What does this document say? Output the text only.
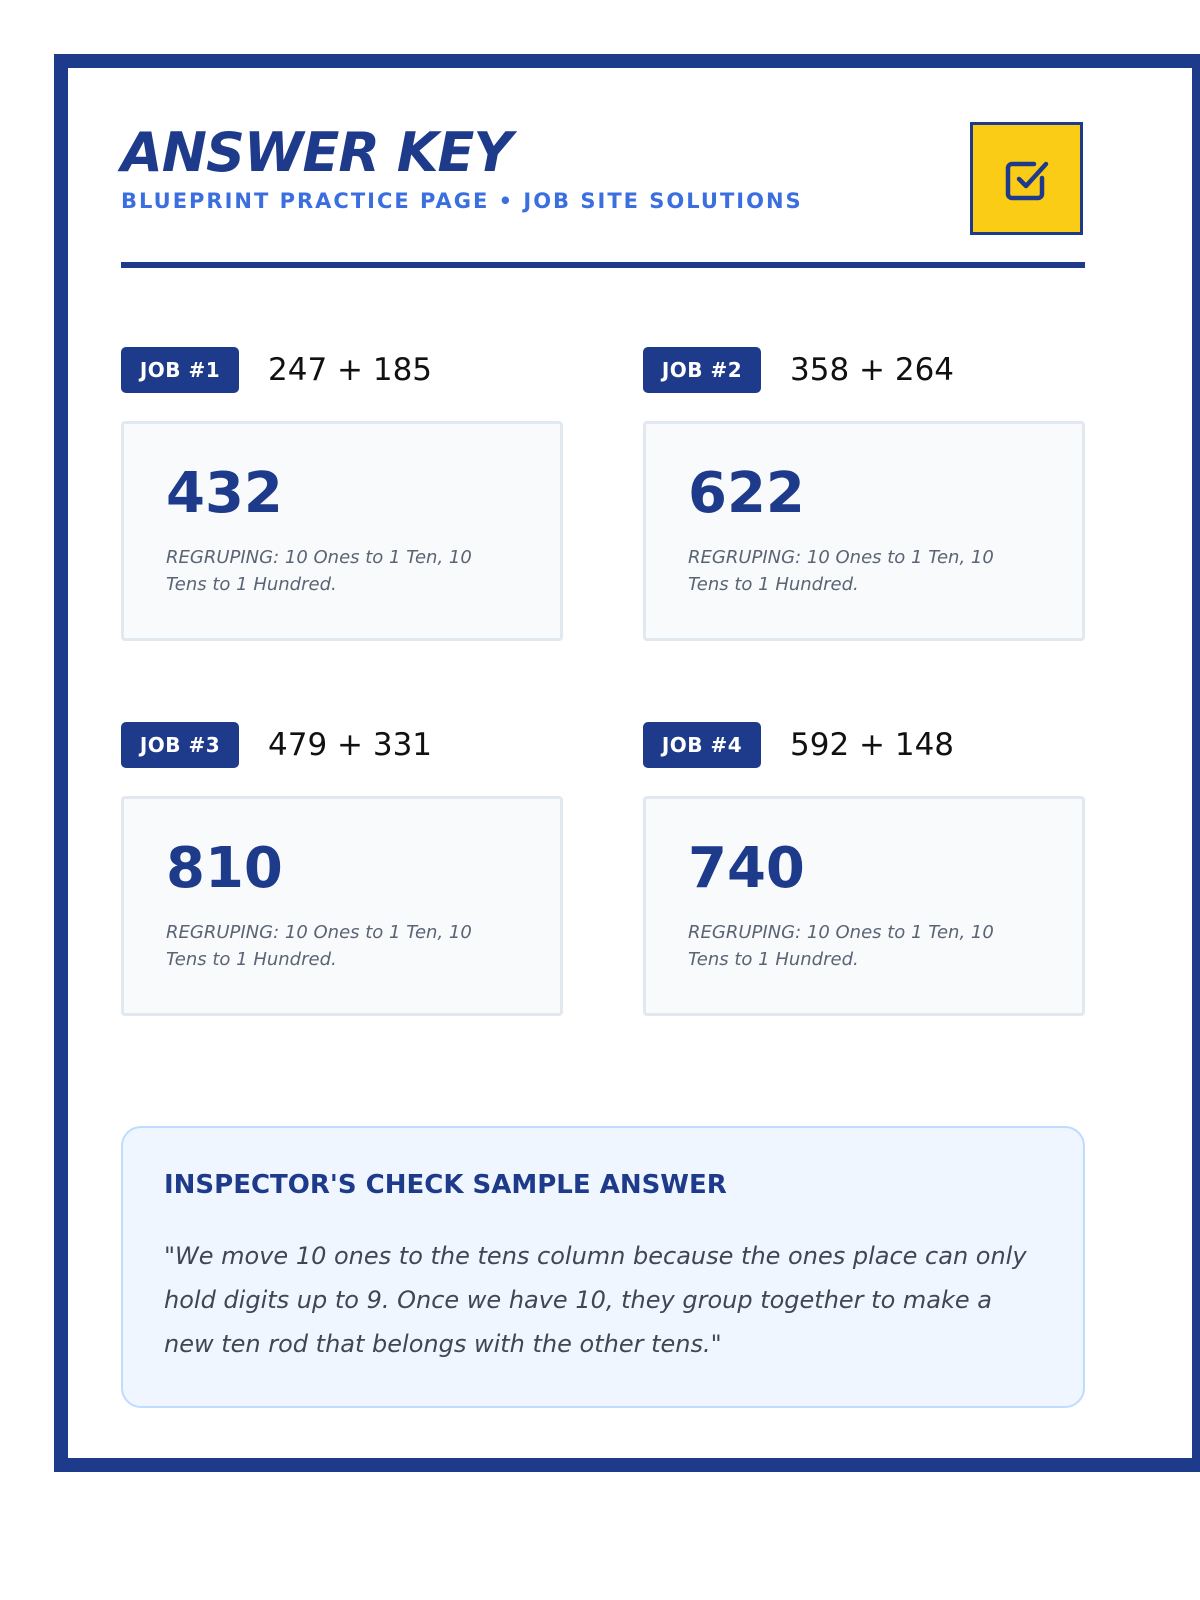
ANSWER KEY
BLUEPRINT PRACTICE PAGE • JOB SITE SOLUTIONS
JOB #1	247 + 185
432
REGRUPING: 10 Ones to 1 Ten, 10 Tens to 1 Hundred.
JOB #2	358 + 264
622
REGRUPING: 10 Ones to 1 Ten, 10 Tens to 1 Hundred.
JOB #3	479 + 331
810
REGRUPING: 10 Ones to 1 Ten, 10 Tens to 1 Hundred.
JOB #4	592 + 148
740
REGRUPING: 10 Ones to 1 Ten, 10 Tens to 1 Hundred.
INSPECTOR'S CHECK SAMPLE ANSWER
"We move 10 ones to the tens column because the ones place can only hold digits up to 9. Once we have 10, they group together to make a new ten rod that belongs with the other tens."
